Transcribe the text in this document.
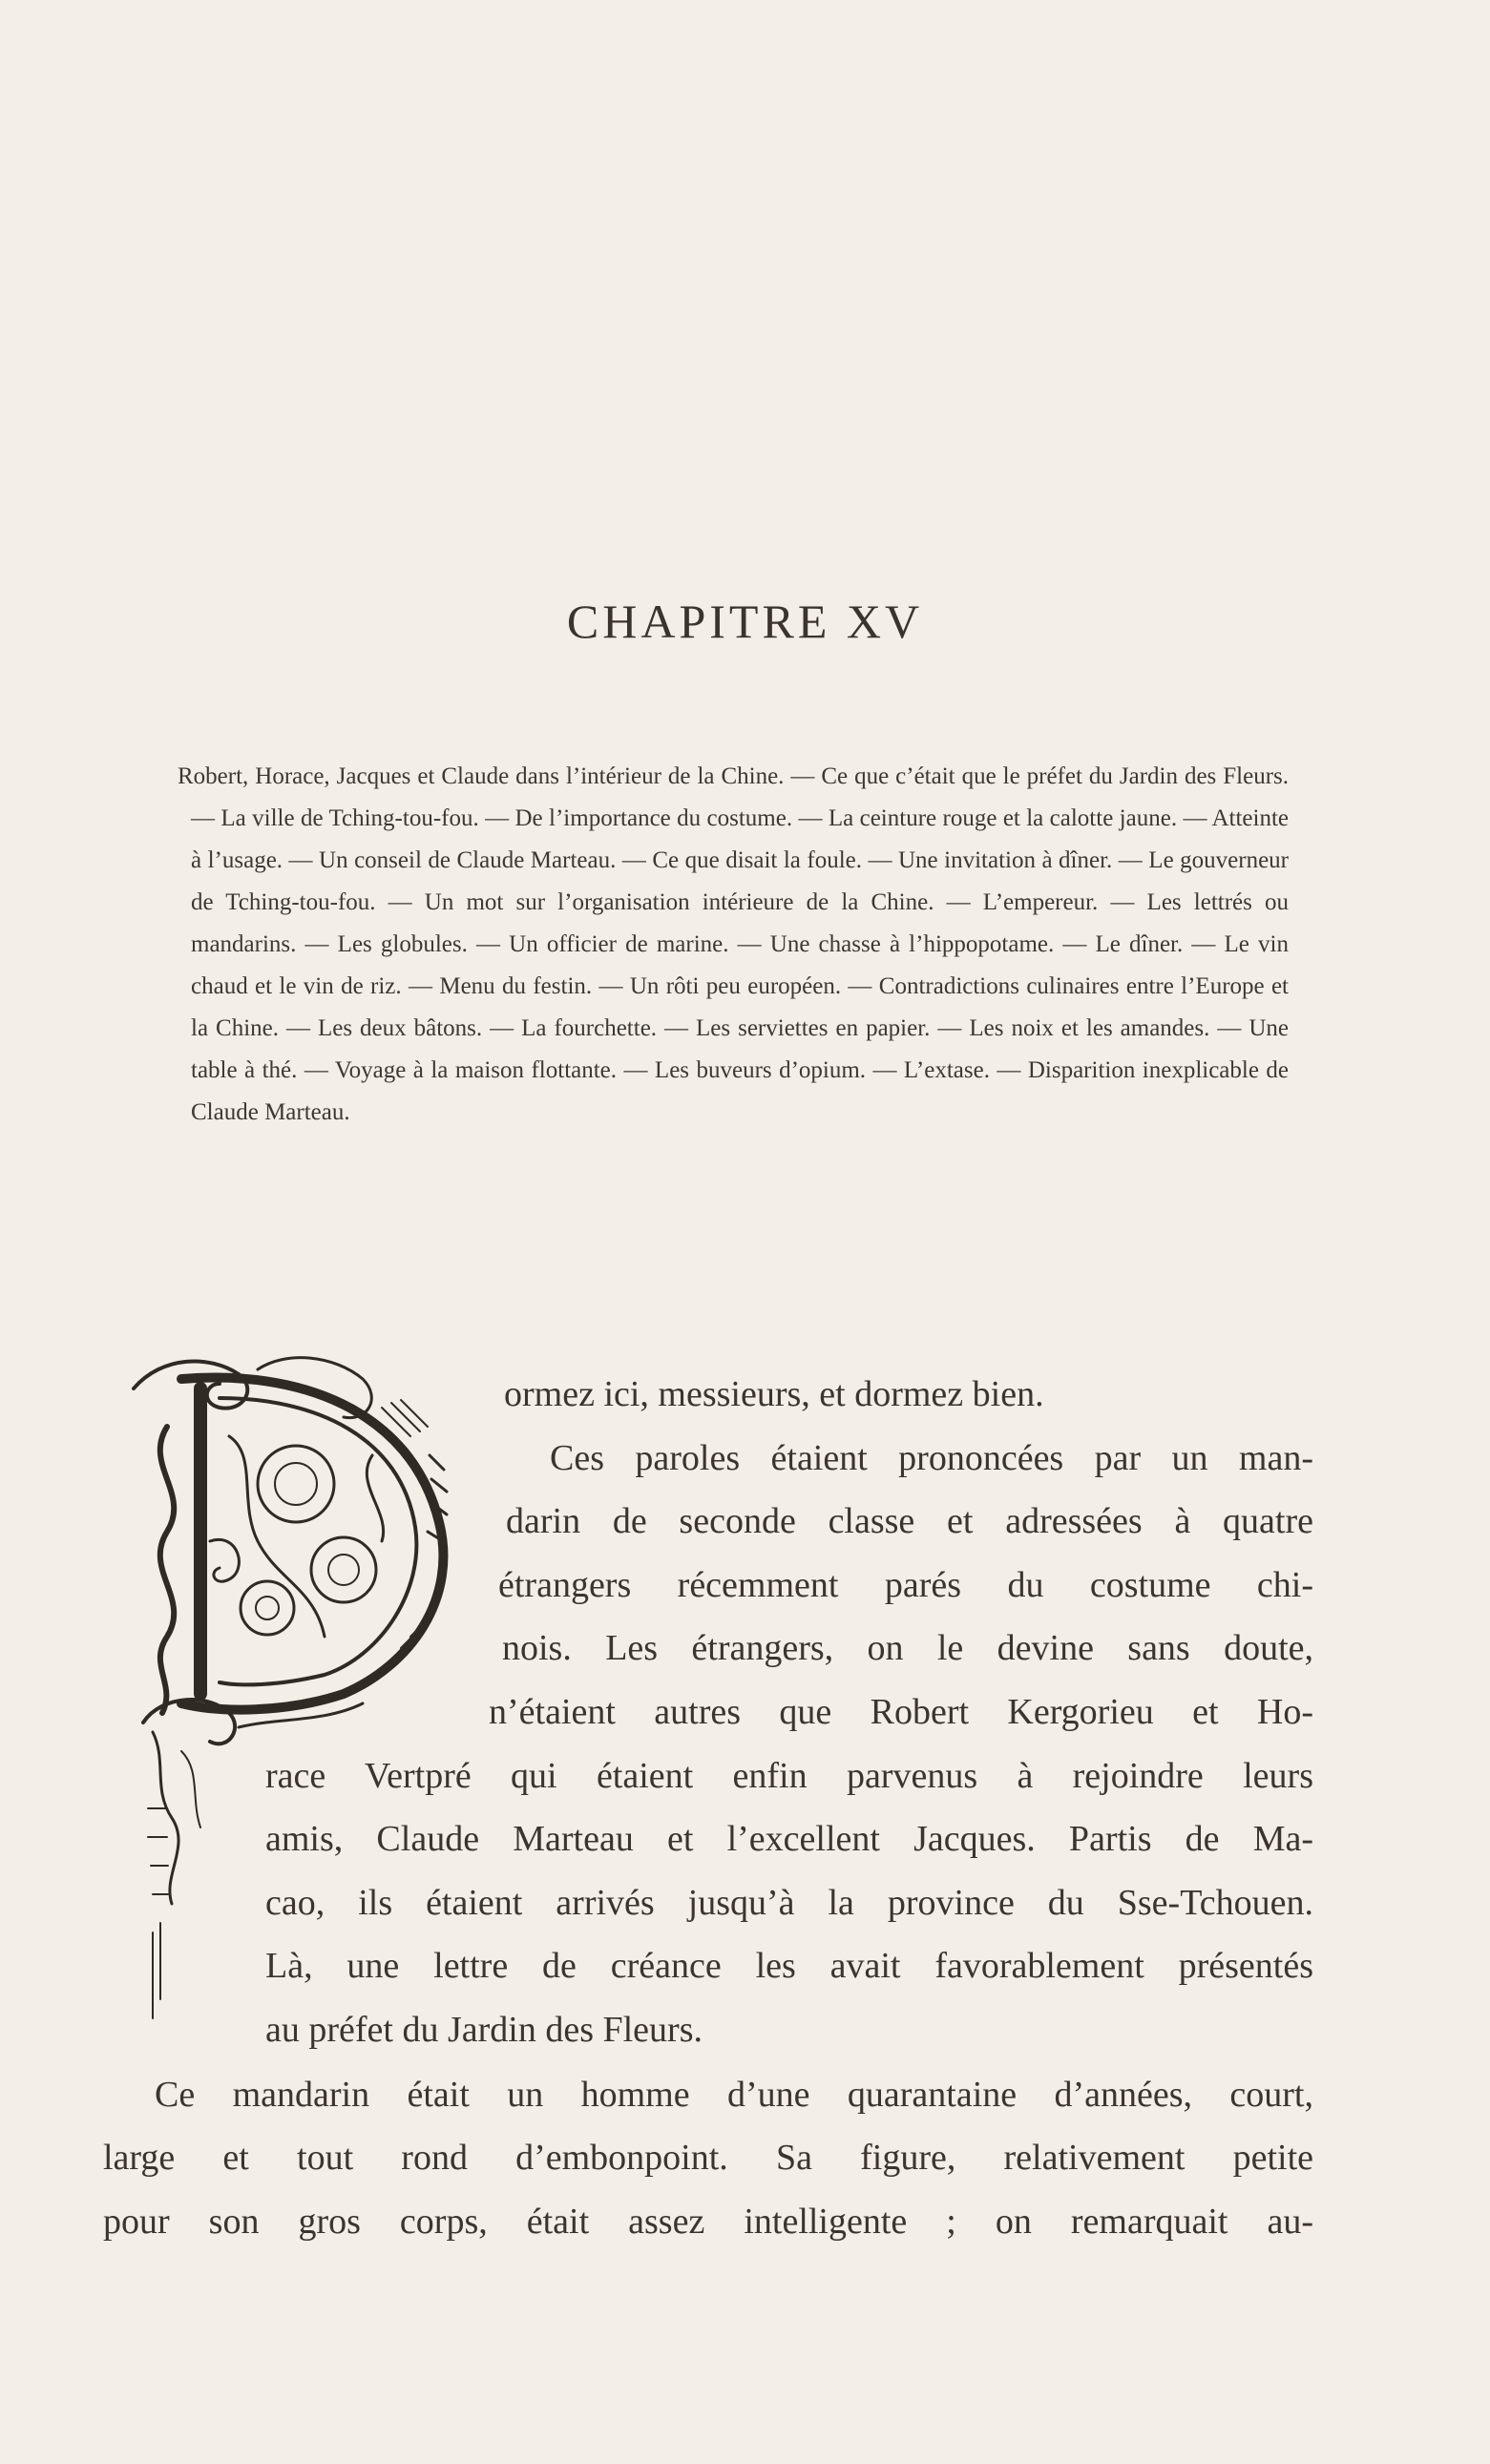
CHAPITRE XV
Robert, Horace, Jacques et Claude dans l’intérieur de la Chine. — Ce que c’était que le préfet du Jardin des Fleurs. — La ville de Tching-tou-fou. — De l’importance du costume. — La ceinture rouge et la calotte jaune. — Atteinte à l’usage. — Un conseil de Claude Marteau. — Ce que disait la foule. — Une invitation à dîner. — Le gouverneur de Tching-tou-fou. — Un mot sur l’organisation intérieure de la Chine. — L’empereur. — Les lettrés ou mandarins. — Les globules. — Un officier de marine. — Une chasse à l’hippopotame. — Le dîner. — Le vin chaud et le vin de riz. — Menu du festin. — Un rôti peu européen. — Contradictions culinaires entre l’Europe et la Chine. — Les deux bâtons. — La fourchette. — Les serviettes en papier. — Les noix et les amandes. — Une table à thé. — Voyage à la maison flottante. — Les buveurs d’opium. — L’extase. — Disparition inexplicable de Claude Marteau.
ormez ici, messieurs, et dormez bien.
Ces paroles étaient prononcées par un man-
darin de seconde classe et adressées à quatre
étrangers récemment parés du costume chi-
nois. Les étrangers, on le devine sans doute,
n’étaient autres que Robert Kergorieu et Ho-
race Vertpré qui étaient enfin parvenus à rejoindre leurs
amis, Claude Marteau et l’excellent Jacques. Partis de Ma-
cao, ils étaient arrivés jusqu’à la province du Sse-Tchouen.
Là, une lettre de créance les avait favorablement présentés
au préfet du Jardin des Fleurs.
Ce mandarin était un homme d’une quarantaine d’années, court,
large et tout rond d’embonpoint. Sa figure, relativement petite
pour son gros corps, était assez intelligente ; on remarquait au-
